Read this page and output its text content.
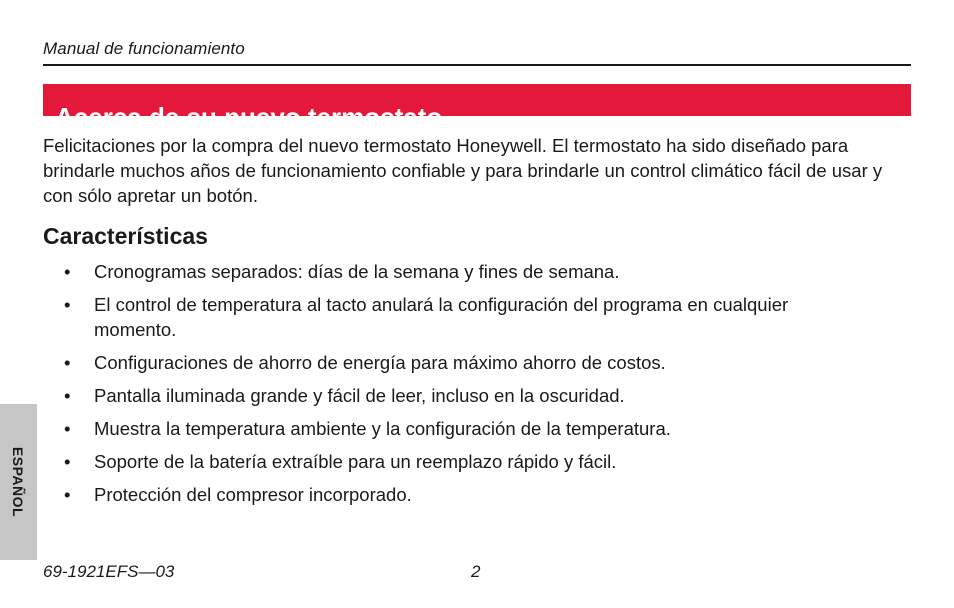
Manual de funcionamiento
Acerca de su nuevo termostato

Felicitaciones por la compra del nuevo termostato Honeywell. El termostato ha sido diseñado para brindarle muchos años de funcionamiento confiable y para brindarle un control climático fácil de usar y con sólo apretar un botón.

Características
• Cronogramas separados: días de la semana y fines de semana.
• El control de temperatura al tacto anulará la configuración del programa en cualquier momento.
• Configuraciones de ahorro de energía para máximo ahorro de costos.
• Pantalla iluminada grande y fácil de leer, incluso en la oscuridad.
• Muestra la temperatura ambiente y la configuración de la temperatura.
• Soporte de la batería extraíble para un reemplazo rápido y fácil.
• Protección del compresor incorporado.
ESPAÑOL
69-1921EFS—03	2
